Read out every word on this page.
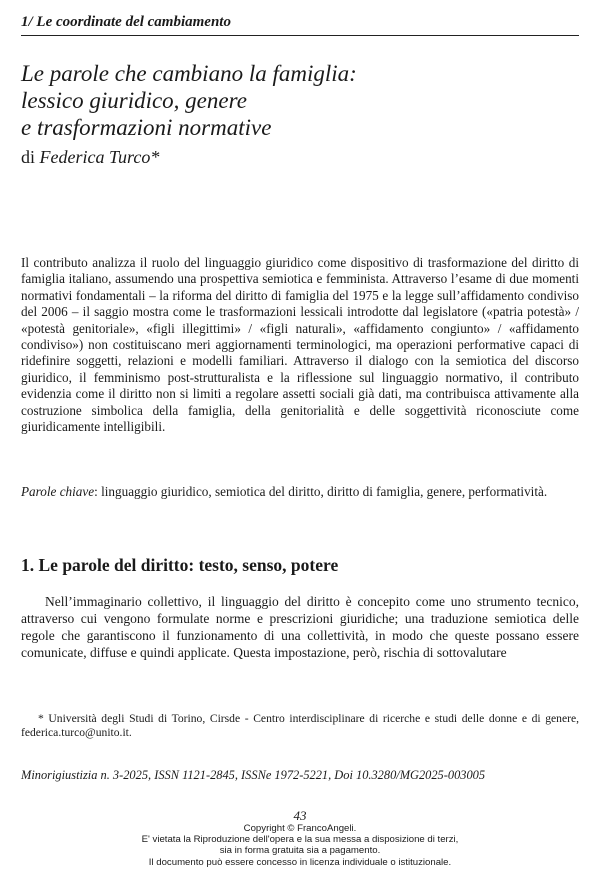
1/ Le coordinate del cambiamento
Le parole che cambiano la famiglia:
lessico giuridico, genere
e trasformazioni normative
di Federica Turco*

Il contributo analizza il ruolo del linguaggio giuridico come dispositivo di trasformazione del diritto di famiglia italiano, assumendo una prospettiva semiotica e femminista. Attraverso l’esame di due momenti normativi fondamentali – la riforma del diritto di famiglia del 1975 e la legge sull’affidamento condiviso del 2006 – il saggio mostra come le trasformazioni lessicali introdotte dal legislatore («patria potestà» / «potestà genitoriale», «figli illegittimi» / «figli naturali», «affidamento congiunto» / «affidamento condiviso») non costituiscano meri aggiornamenti terminologici, ma operazioni performative capaci di ridefinire soggetti, relazioni e modelli familiari. Attraverso il dialogo con la semiotica del discorso giuridico, il femminismo post-strutturalista e la riflessione sul linguaggio normativo, il contributo evidenzia come il diritto non si limiti a regolare assetti sociali già dati, ma contribuisca attivamente alla costruzione simbolica della famiglia, della genitorialità e delle soggettività riconosciute come giuridicamente intelligibili.

Parole chiave: linguaggio giuridico, semiotica del diritto, diritto di famiglia, genere, performatività.

1. Le parole del diritto: testo, senso, potere

Nell’immaginario collettivo, il linguaggio del diritto è concepito come uno strumento tecnico, attraverso cui vengono formulate norme e prescrizioni giuridiche; una traduzione semiotica delle regole che garantiscono il funzionamento di una collettività, in modo che queste possano essere comunicate, diffuse e quindi applicate. Questa impostazione, però, rischia di sottovalutare

* Università degli Studi di Torino, Cirsde - Centro interdisciplinare di ricerche e studi delle donne e di genere, federica.turco@unito.it.

Minorigiustizia n. 3-2025, ISSN 1121-2845, ISSNe 1972-5221, Doi 10.3280/MG2025-003005

43
Copyright © FrancoAngeli.
E' vietata la Riproduzione dell'opera e la sua messa a disposizione di terzi,
sia in forma gratuita sia a pagamento.
Il documento può essere concesso in licenza individuale o istituzionale.
